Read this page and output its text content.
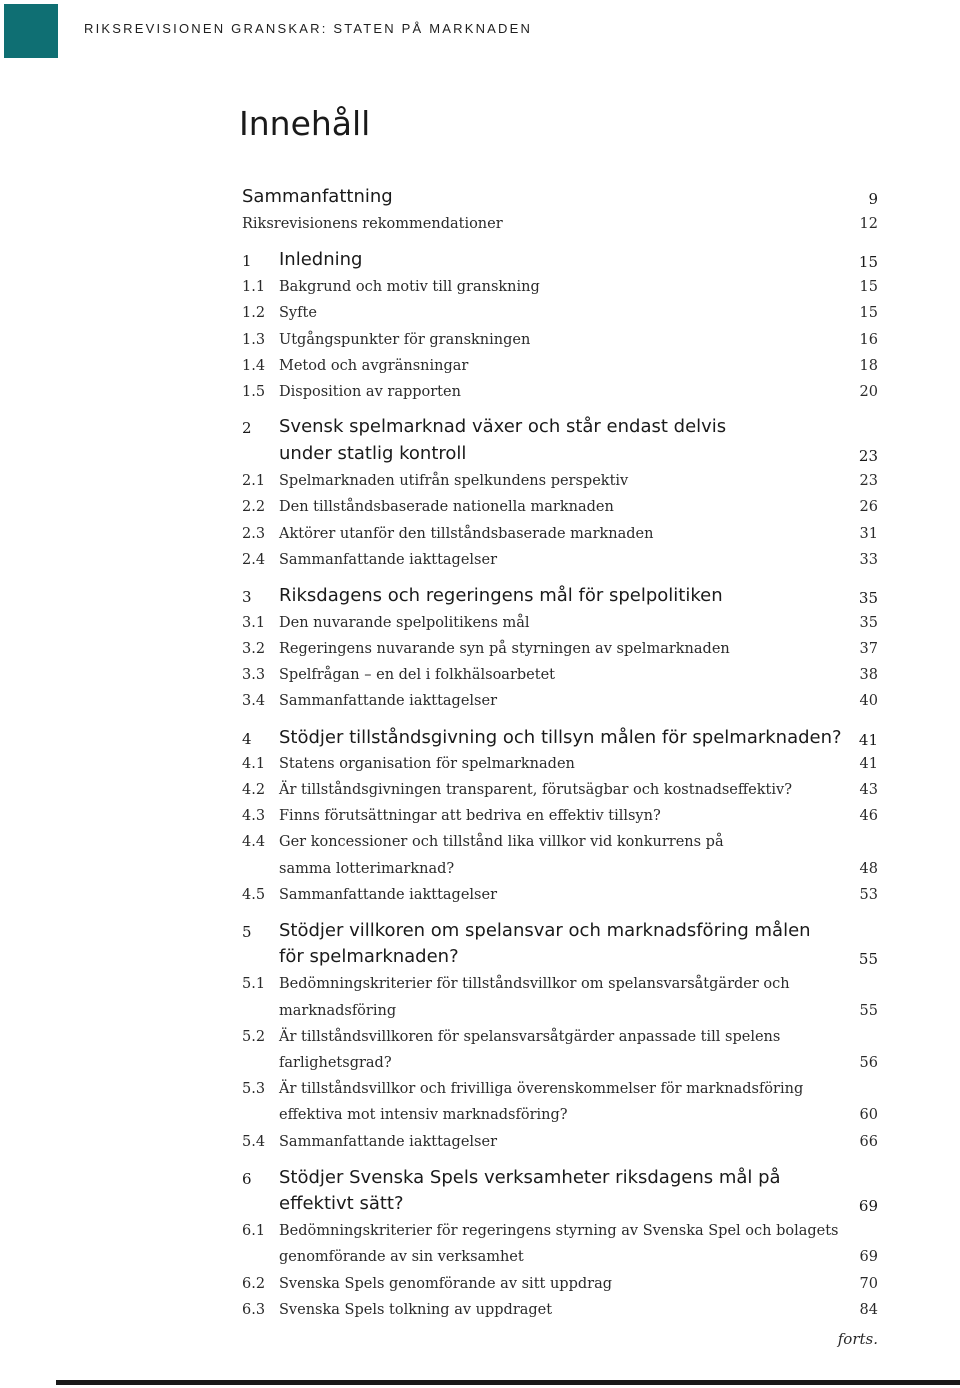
RIKSREVISIONEN GRANSKAR: STATEN PÅ MARKNADEN
Innehåll
Sammanfattning	9
Riksrevisionens rekommendationer	12
1 Inledning	15
1.1 Bakgrund och motiv till granskning	15
1.2 Syfte	15
1.3 Utgångspunkter för granskningen	16
1.4 Metod och avgränsningar	18
1.5 Disposition av rapporten	20
2 Svensk spelmarknad växer och står endast delvis
under statlig kontroll	23
2.1 Spelmarknaden utifrån spelkundens perspektiv	23
2.2 Den tillståndsbaserade nationella marknaden	26
2.3 Aktörer utanför den tillståndsbaserade marknaden	31
2.4 Sammanfattande iakttagelser	33
3 Riksdagens och regeringens mål för spelpolitiken	35
3.1 Den nuvarande spelpolitikens mål	35
3.2 Regeringens nuvarande syn på styrningen av spelmarknaden	37
3.3 Spelfrågan – en del i folkhälsoarbetet	38
3.4 Sammanfattande iakttagelser	40
4 Stödjer tillståndsgivning och tillsyn målen för spelmarknaden? 41
4.1 Statens organisation för spelmarknaden	41
4.2 Är tillståndsgivningen transparent, förutsägbar och kostnadseffektiv?	43
4.3 Finns förutsättningar att bedriva en effektiv tillsyn?	46
4.4 Ger koncessioner och tillstånd lika villkor vid konkurrens på
samma lotterimarknad?	48
4.5 Sammanfattande iakttagelser	53
5 Stödjer villkoren om spelansvar och marknadsföring målen
för spelmarknaden?	55
5.1 Bedömningskriterier för tillståndsvillkor om spelansvarsåtgärder och
marknadsföring	55
5.2 Är tillståndsvillkoren för spelansvarsåtgärder anpassade till spelens
farlighetsgrad?	56
5.3 Är tillståndsvillkor och frivilliga överenskommelser för marknadsföring
effektiva mot intensiv marknadsföring?	60
5.4 Sammanfattande iakttagelser	66
6 Stödjer Svenska Spels verksamheter riksdagens mål på
effektivt sätt?	69
6.1 Bedömningskriterier för regeringens styrning av Svenska Spel och bolagets
genomförande av sin verksamhet	69
6.2 Svenska Spels genomförande av sitt uppdrag	70
6.3 Svenska Spels tolkning av uppdraget	84
forts.
